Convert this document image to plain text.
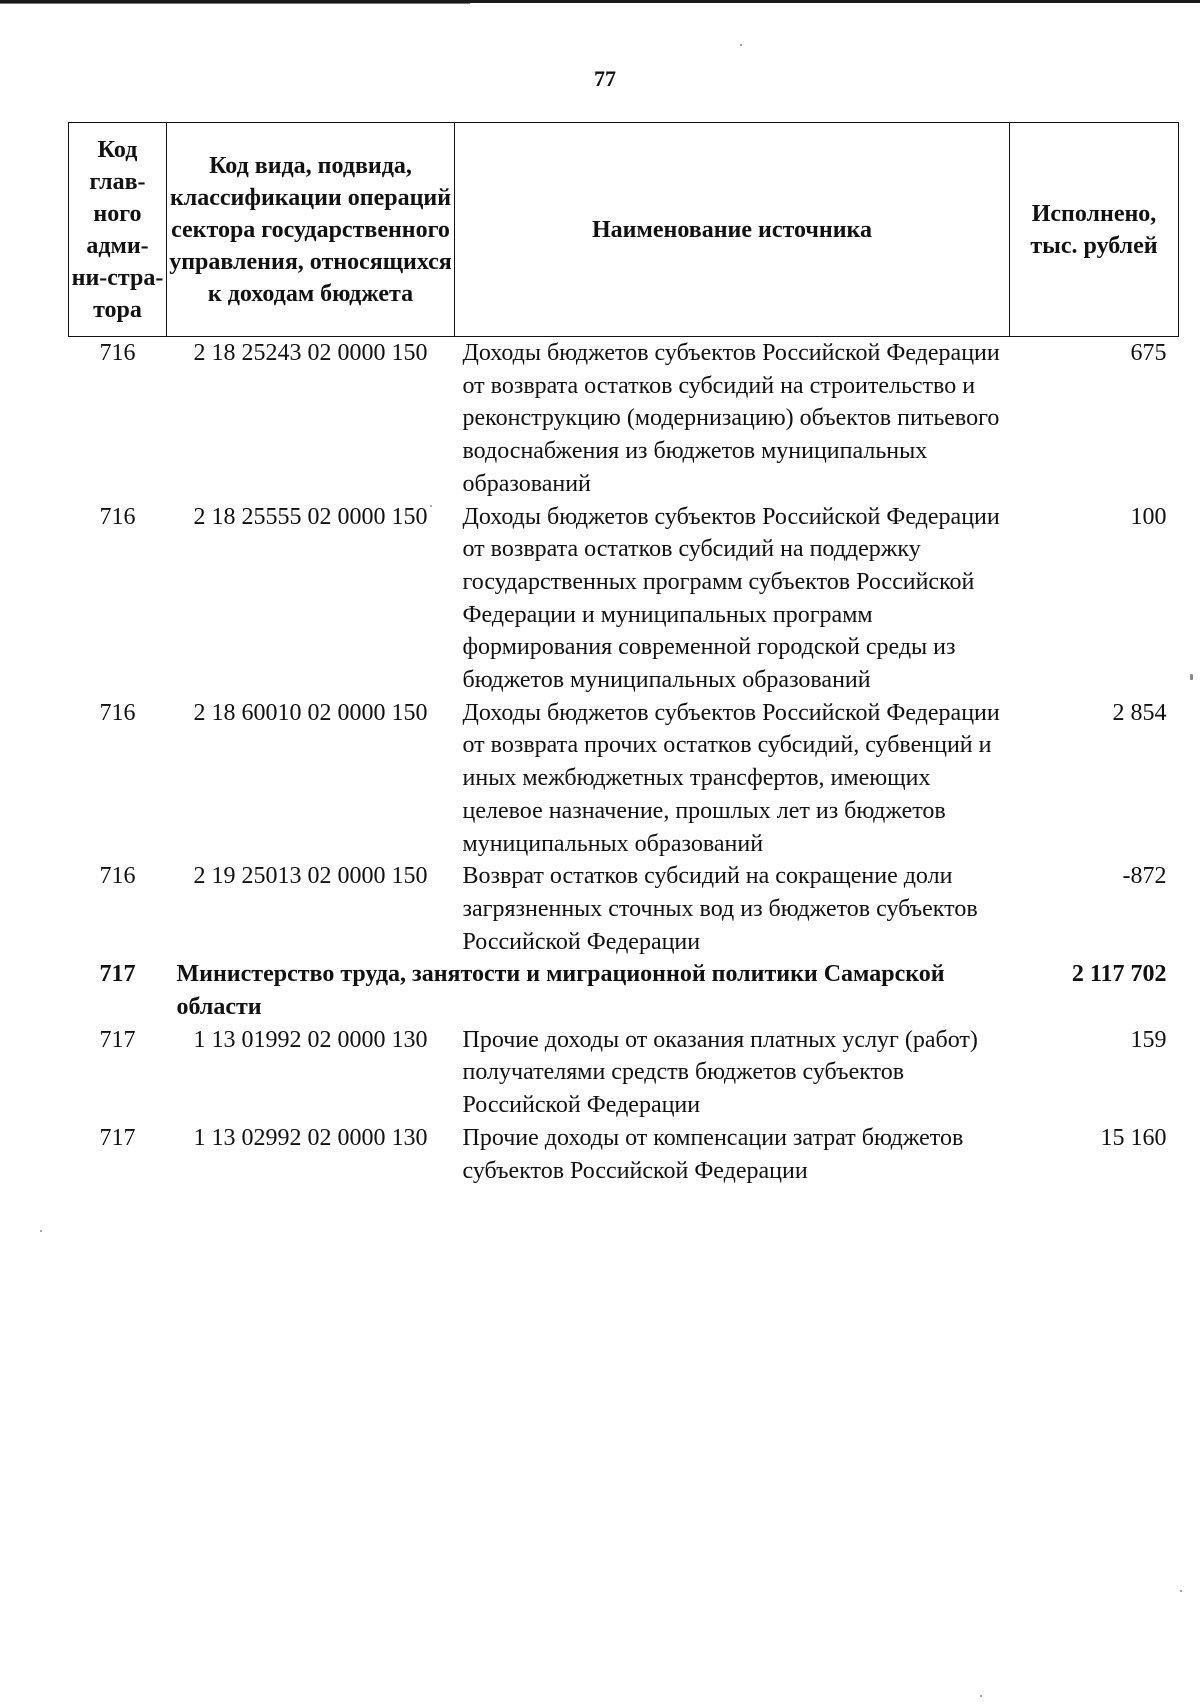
77
Код глав-ного адми-ни-стра-тора	Код вида, подвида, классификации операций сектора государственного управления, относящихся к доходам бюджета	Наименование источника	Исполнено, тыс. рублей
716	2 18 25243 02 0000 150	Доходы бюджетов субъектов Российской Федерации от возврата остатков субсидий на строительство и реконструкцию (модернизацию) объектов питьевого водоснабжения из бюджетов муниципальных образований	675
716	2 18 25555 02 0000 150	Доходы бюджетов субъектов Российской Федерации от возврата остатков субсидий на поддержку государственных программ субъектов Российской Федерации и муниципальных программ формирования современной городской среды из бюджетов муниципальных образований	100
716	2 18 60010 02 0000 150	Доходы бюджетов субъектов Российской Федерации от возврата прочих остатков субсидий, субвенций и иных межбюджетных трансфертов, имеющих целевое назначение, прошлых лет из бюджетов муниципальных образований	2 854
716	2 19 25013 02 0000 150	Возврат остатков субсидий на сокращение доли загрязненных сточных вод из бюджетов субъектов Российской Федерации	-872
717	Министерство труда, занятости и миграционной политики Самарской области		2 117 702
717	1 13 01992 02 0000 130	Прочие доходы от оказания платных услуг (работ) получателями средств бюджетов субъектов Российской Федерации	159
717	1 13 02992 02 0000 130	Прочие доходы от компенсации затрат бюджетов субъектов Российской Федерации	15 160
